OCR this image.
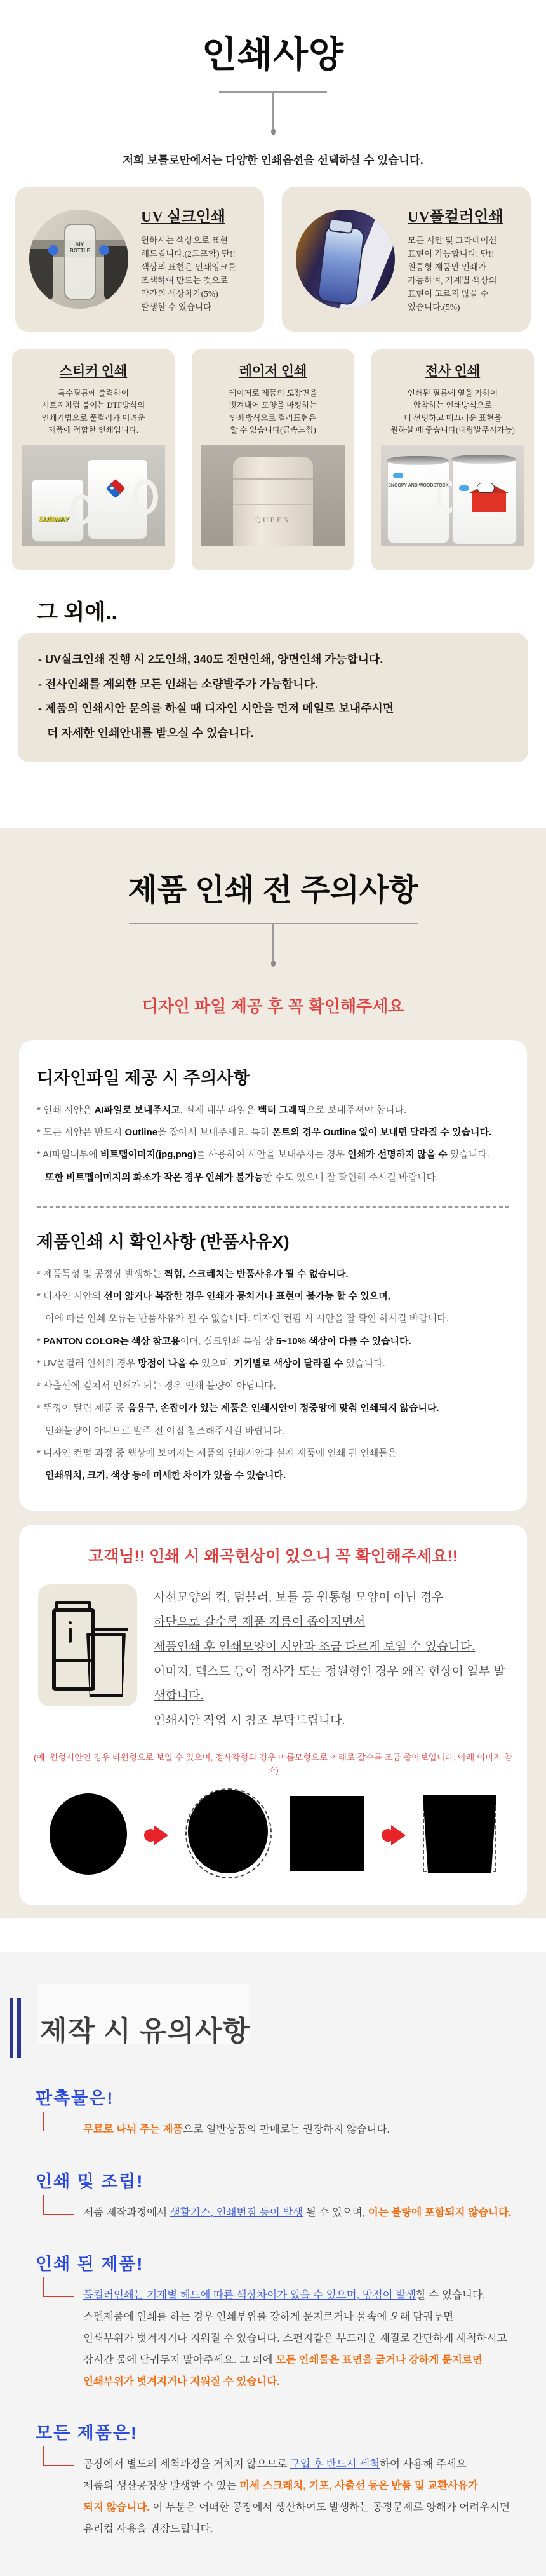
인쇄사양
저희 보틀로만에서는 다양한 인쇄옵션을 선택하실 수 있습니다.
MY BOTTLE
UV 실크인쇄
원하시는 색상으로 표현
해드립니다.(2도포함) 단!!
색상의 표현은 인쇄잉크를
조색하여 만드는 것으로
약간의 색상차가(5%)
발생할 수 있습니다
UV풀컬러인쇄
모든 시안 및 그라데이션
표현이 가능합니다. 단!!
원통형 제품만 인쇄가
가능하며, 기계별 색상의
표현이 고르지 않을 수
있습니다.(5%)
스티커 인쇄
특수필름에 출력하여
시트지처럼 붙이는 DTF방식의
인쇄기법으로 풀컬러가 어려운
제품에 적합한 인쇄입니다.
SUBWAY
레이저 인쇄
레이저로 제품의 도장면을
벗겨내어 모양을 마킹하는
인쇄방식으로 컬러표현은
할 수 없습니다(금속느낌)
QUEEN
전사 인쇄
인쇄된 필름에 열을 가하여
압착하는 인쇄방식으로
더 선명하고 매끄러운 표현을
원하실 때 좋습니다(대량발주시가능)
SNOOPY AND WOODSTOCK
그 외에..
- UV실크인쇄 진행 시 2도인쇄, 340도 전면인쇄, 양면인쇄 가능합니다.
- 전사인쇄를 제외한 모든 인쇄는 소량발주가 가능합니다.
- 제품의 인쇄시안 문의를 하실 때 디자인 시안을 먼저 메일로 보내주시면
더 자세한 인쇄안내를 받으실 수 있습니다.
제품 인쇄 전 주의사항
디자인 파일 제공 후 꼭 확인해주세요
디자인파일 제공 시 주의사항
* 인쇄 시안은 AI파일로 보내주시고, 실제 내부 파일은 벡터 그래픽으로 보내주셔야 합니다.
* 모든 시안은 반드시 Outline을 잡아서 보내주세요. 특히 폰트의 경우 Outline 없이 보내면 달라질 수 있습니다.
* AI파일내부에 비트맵이미지(jpg,png)를 사용하여 시안을 보내주시는 경우 인쇄가 선명하지 않을 수 있습니다.
또한 비트맵이미지의 화소가 작은 경우 인쇄가 불가능할 수도 있으니 잘 확인해 주시길 바랍니다.
제품인쇄 시 확인사항 (반품사유X)
* 제품특성 및 공정상 발생하는 찍힘, 스크레치는 반품사유가 될 수 없습니다.
* 디자인 시안의 선이 얇거나 복잡한 경우 인쇄가 뭉치거나 표현이 불가능 할 수 있으며,
이에 따른 인쇄 오류는 반품사유가 될 수 없습니다. 디자인 컨펌 시 시안을 잘 확인 하시길 바랍니다.
* PANTON COLOR는 색상 참고용이며, 실크인쇄 특성 상 5~10% 색상이 다를 수 있습니다.
* UV풀컬러 인쇄의 경우 망점이 나올 수 있으며, 기기별로 색상이 달라질 수 있습니다.
* 사출선에 걸쳐서 인쇄가 되는 경우 인쇄 불량이 아닙니다.
* 뚜껑이 달린 제품 중 음용구, 손잡이가 있는 제품은 인쇄시안이 정중앙에 맞춰 인쇄되지 않습니다.
인쇄불량이 아니므로 발주 전 이점 참조해주시길 바랍니다.
* 디자인 컨펌 과정 중 웹상에 보여지는 제품의 인쇄시안과 실제 제품에 인쇄 된 인쇄물은
인쇄위치, 크기, 색상 등에 미세한 차이가 있을 수 있습니다.
고객님!! 인쇄 시 왜곡현상이 있으니 꼭 확인해주세요!!
사선모양의 컵, 텀블러, 보틀 등 원통형 모양이 아닌 경우
하단으로 갈수록 제품 지름이 좁아지면서
제품인쇄 후 인쇄모양이 시안과 조금 다르게 보일 수 있습니다.
이미지, 텍스트 등이 정사각 또는 정원형인 경우 왜곡 현상이 일부 발생합니다.
인쇄시안 작업 시 참조 부탁드립니다.
(예: 원형시안인 경우 타원형으로 보일 수 있으며, 정사각형의 경우 마름모형으로 아래로 갈수록 조금 좁아보입니다. 아래 이미지 참조)
제작 시 유의사항
판촉물은!
무료로 나눠 주는 제품으로 일반상품의 판매로는 권장하지 않습니다.
인쇄 및 조립!
제품 제작과정에서 생활기스, 인쇄번짐 등이 발생 될 수 있으며, 이는 불량에 포함되지 않습니다.
인쇄 된 제품!
풀컬러인쇄는 기계별 헤드에 따른 색상차이가 있을 수 있으며, 망점이 발생할 수 있습니다.
스텐제품에 인쇄를 하는 경우 인쇄부위를 강하게 문지르거나 물속에 오래 담궈두면
인쇄부위가 벗겨지거나 지워질 수 있습니다. 스펀지같은 부드러운 재질로 간단하게 세척하시고
장시간 물에 담궈두지 말아주세요. 그 외에 모든 인쇄물은 표면을 긁거나 강하게 문지르면
인쇄부위가 벗겨지거나 지워질 수 있습니다.
모든 제품은!
공장에서 별도의 세척과정을 거치지 않으므로 구입 후 반드시 세척하여 사용해 주세요
제품의 생산공정상 발생할 수 있는 미세 스크래치, 기포, 사출선 등은 반품 및 교환사유가
되지 않습니다. 이 부분은 어떠한 공장에서 생산하여도 발생하는 공정문제로 양해가 어려우시면
유리컵 사용을 권장드립니다.
